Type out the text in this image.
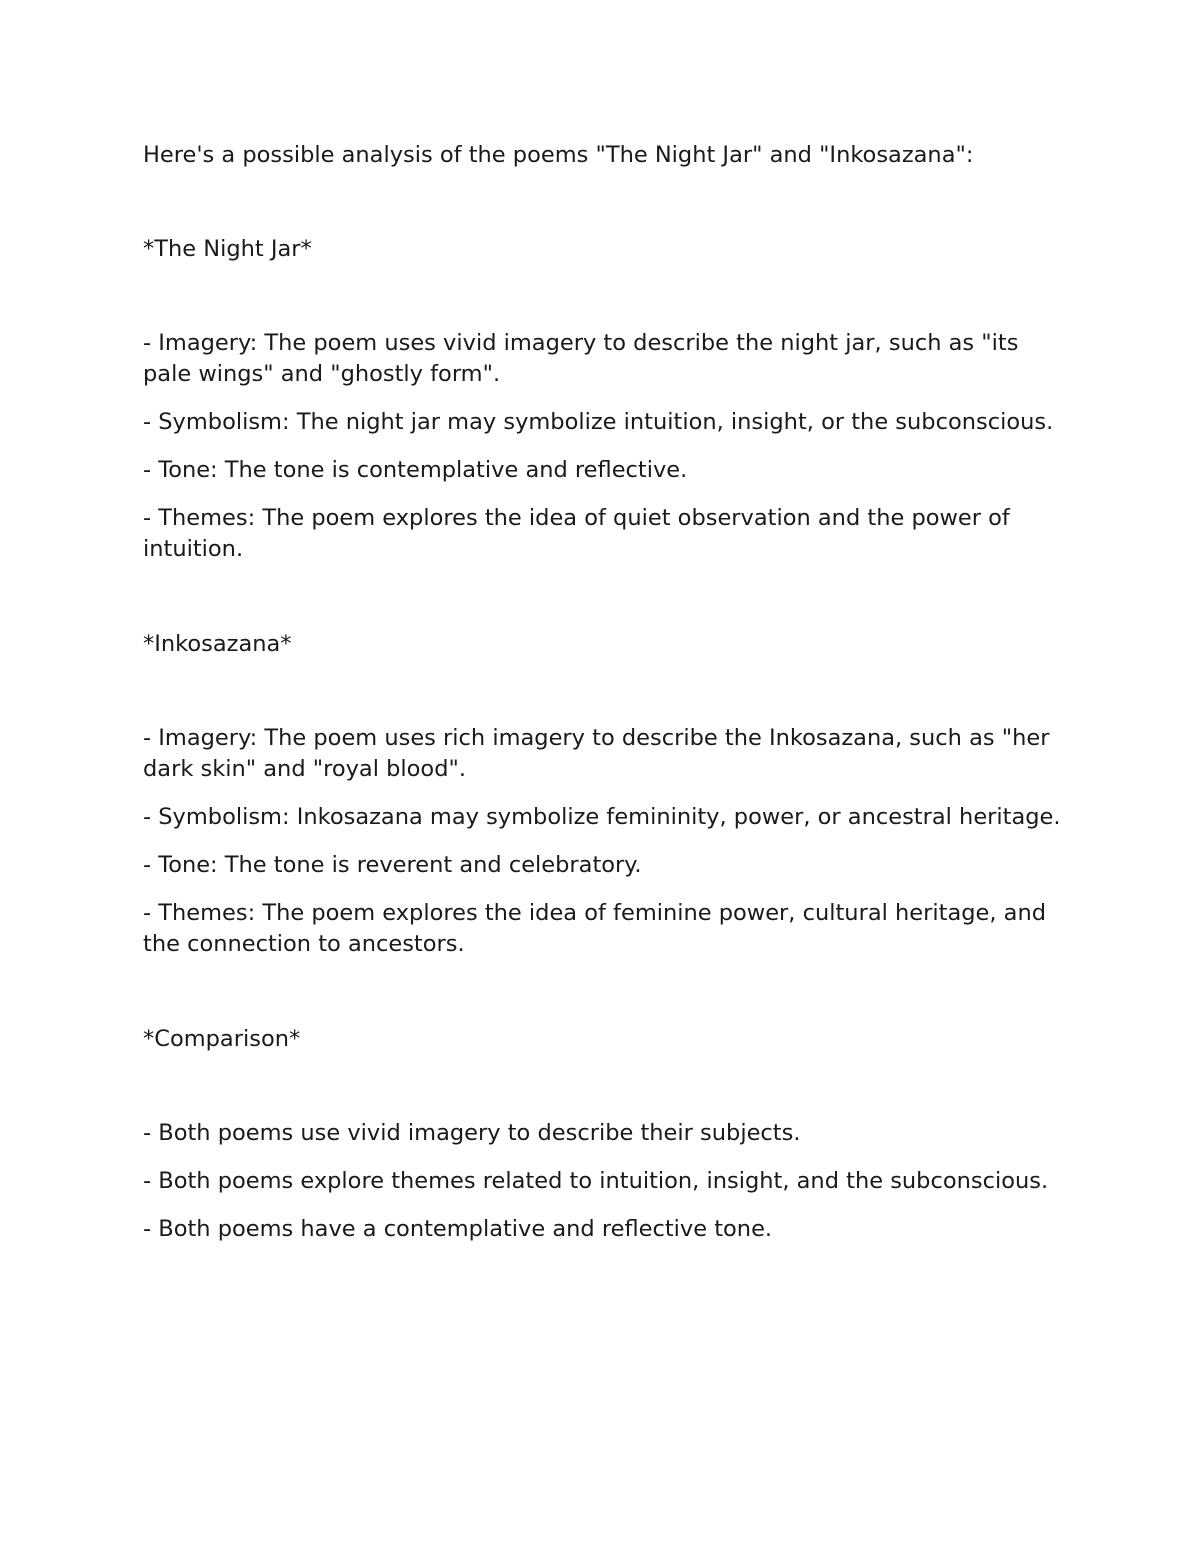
Here's a possible analysis of the poems "The Night Jar" and "Inkosazana":

*The Night Jar*

- Imagery: The poem uses vivid imagery to describe the night jar, such as "its pale wings" and "ghostly form".

- Symbolism: The night jar may symbolize intuition, insight, or the subconscious.

- Tone: The tone is contemplative and reflective.

- Themes: The poem explores the idea of quiet observation and the power of intuition.

*Inkosazana*

- Imagery: The poem uses rich imagery to describe the Inkosazana, such as "her dark skin" and "royal blood".

- Symbolism: Inkosazana may symbolize femininity, power, or ancestral heritage.

- Tone: The tone is reverent and celebratory.

- Themes: The poem explores the idea of feminine power, cultural heritage, and the connection to ancestors.

*Comparison*

- Both poems use vivid imagery to describe their subjects.

- Both poems explore themes related to intuition, insight, and the subconscious.

- Both poems have a contemplative and reflective tone.
